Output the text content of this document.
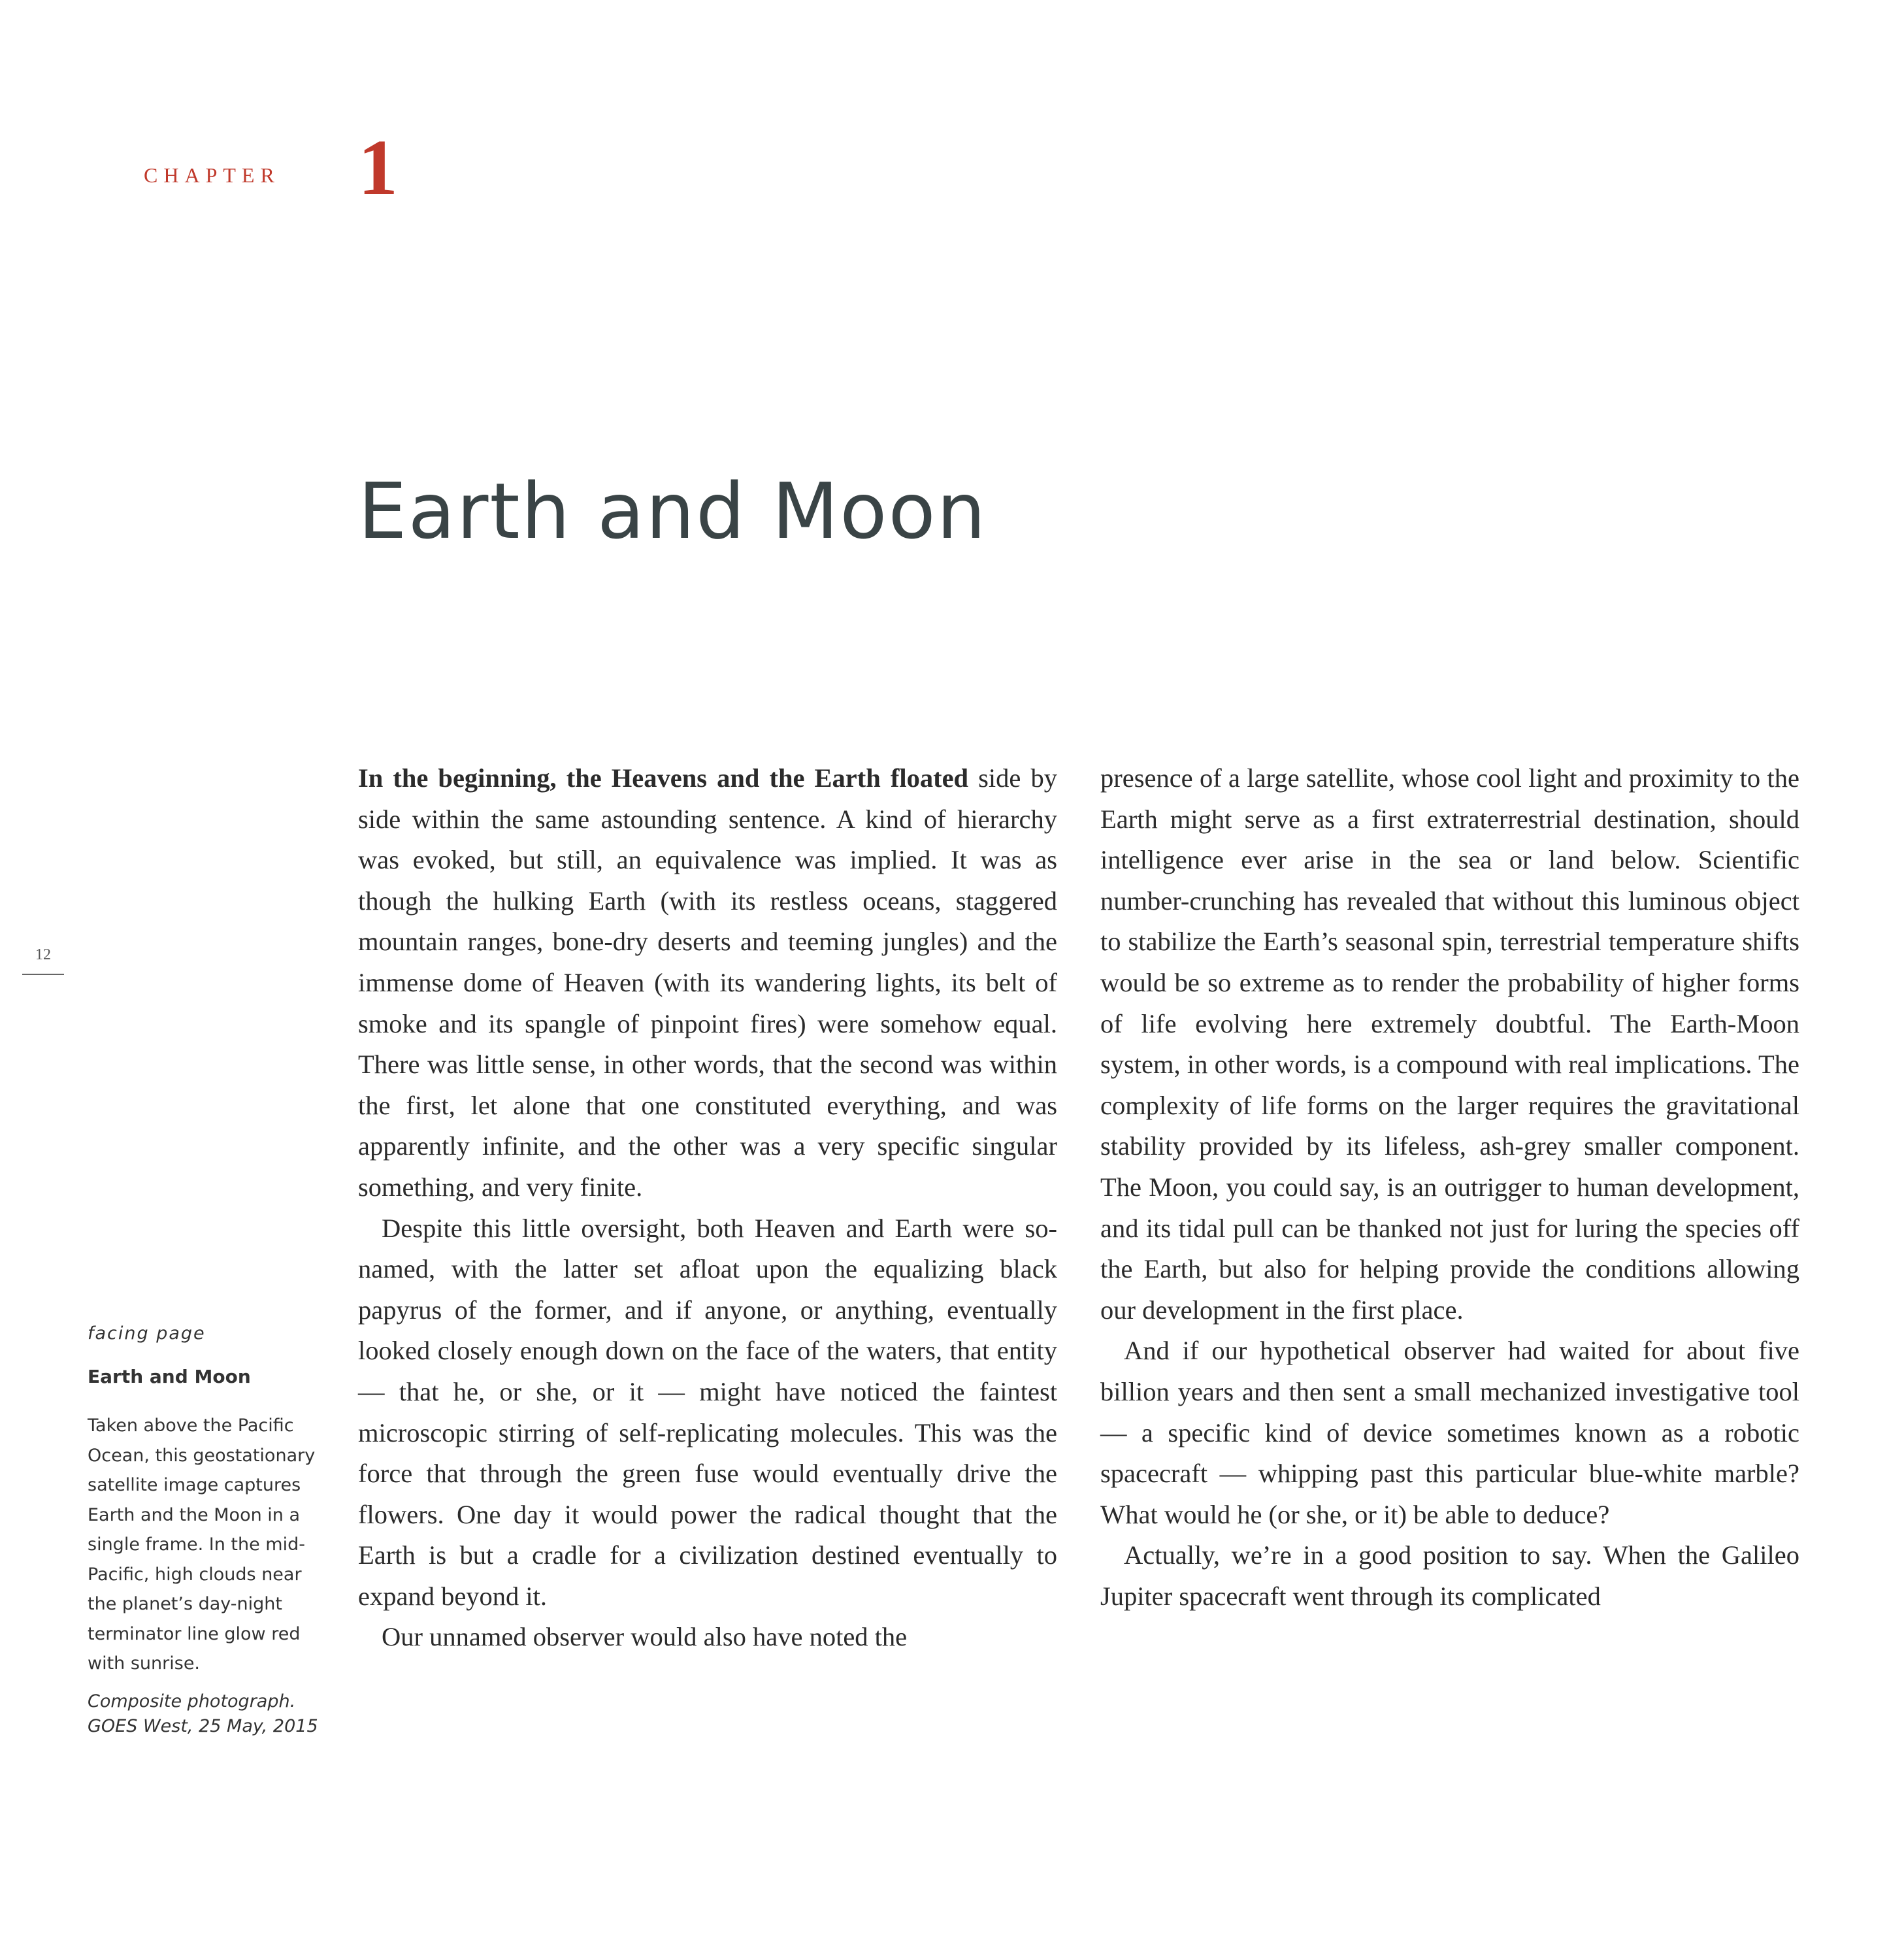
CHAPTER 1
Earth and Moon
12

facing page

Earth and Moon

Taken above the Pacific Ocean, this geostationary satellite image captures Earth and the Moon in a single frame. In the mid-Pacific, high clouds near the planet’s day-night terminator line glow red with sunrise.

Composite photograph.
GOES West, 25 May, 2015

In the beginning, the Heavens and the Earth floated side by side within the same astounding sentence. A kind of hierarchy was evoked, but still, an equivalence was implied. It was as though the hulking Earth (with its restless oceans, staggered mountain ranges, bone-dry deserts and teeming jungles) and the immense dome of Heaven (with its wandering lights, its belt of smoke and its spangle of pinpoint fires) were somehow equal. There was little sense, in other words, that the second was within the first, let alone that one constituted everything, and was apparently infinite, and the other was a very specific singular something, and very finite.

Despite this little oversight, both Heaven and Earth were so-named, with the latter set afloat upon the equalizing black papyrus of the former, and if anyone, or anything, eventually looked closely enough down on the face of the waters, that entity — that he, or she, or it — might have noticed the faintest microscopic stirring of self-replicating molecules. This was the force that through the green fuse would eventually drive the flowers. One day it would power the radical thought that the Earth is but a cradle for a civilization destined eventually to expand beyond it.

Our unnamed observer would also have noted the

presence of a large satellite, whose cool light and proximity to the Earth might serve as a first extraterrestrial destination, should intelligence ever arise in the sea or land below. Scientific number-crunching has revealed that without this luminous object to stabilize the Earth’s seasonal spin, terrestrial temperature shifts would be so extreme as to render the probability of higher forms of life evolving here extremely doubtful. The Earth-Moon system, in other words, is a compound with real implications. The complexity of life forms on the larger requires the gravitational stability provided by its lifeless, ash-grey smaller component. The Moon, you could say, is an outrigger to human development, and its tidal pull can be thanked not just for luring the species off the Earth, but also for helping provide the conditions allowing our development in the first place.

And if our hypothetical observer had waited for about five billion years and then sent a small mechanized investigative tool — a specific kind of device sometimes known as a robotic spacecraft — whipping past this particular blue-white marble? What would he (or she, or it) be able to deduce?

Actually, we’re in a good position to say. When the Galileo Jupiter spacecraft went through its complicated
